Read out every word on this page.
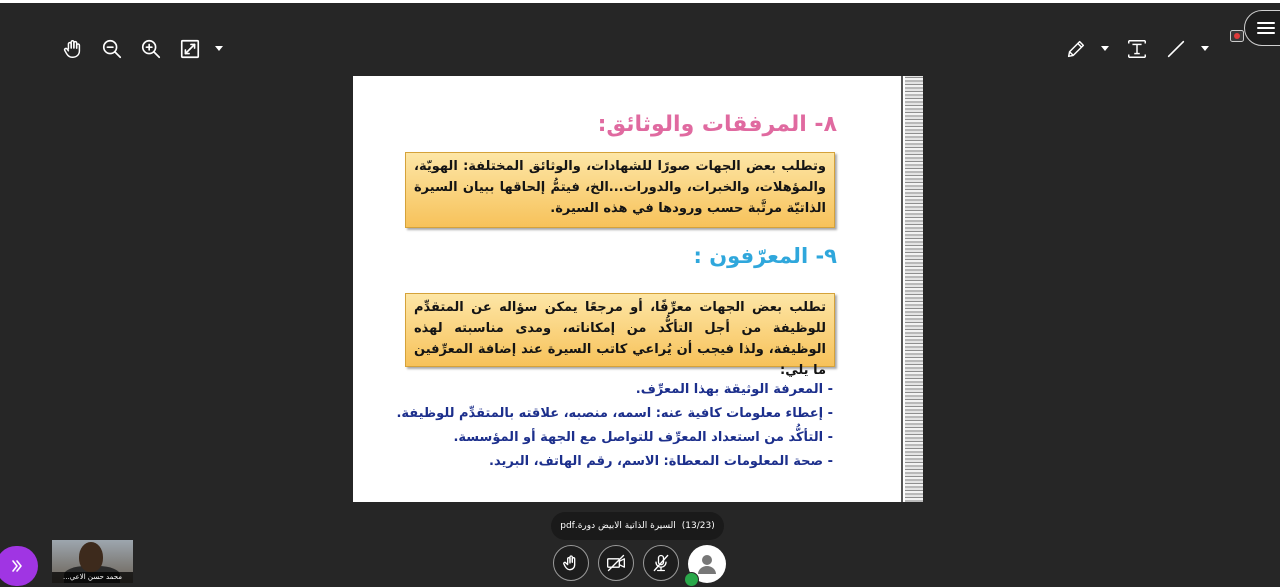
٨- المرفقات والوثائق:
وتطلب بعض الجهات صورًا للشهادات، والوثائق المختلفة: الهويّة، والمؤهلات، والخبرات، والدورات...الخ، فيتمُّ إلحاقها ببيان السيرة الذاتيّة مرتَّبة حسب ورودها في هذه السيرة.
٩- المعرّفون :
تطلب بعض الجهات معرِّفًا، أو مرجعًا يمكن سؤاله عن المتقدِّم للوظيفة من أجل التأكُّد من إمكاناته، ومدى مناسبته لهذه الوظيفة، ولذا فيجب أن يُراعي كاتب السيرة عند إضافة المعرِّفين ما يلي:
- المعرفة الوثيقة بهذا المعرِّف.
- إعطاء معلومات كافية عنه: اسمه، منصبه، علاقته بالمتقدِّم للوظيفة.
- التأكُّد من استعداد المعرِّف للتواصل مع الجهة أو المؤسسة.
- صحة المعلومات المعطاة: الاسم، رقم الهاتف، البريد.
السيرة الذاتية الابيض دورة.pdf (13/23)
محمد حسن الاعي...
